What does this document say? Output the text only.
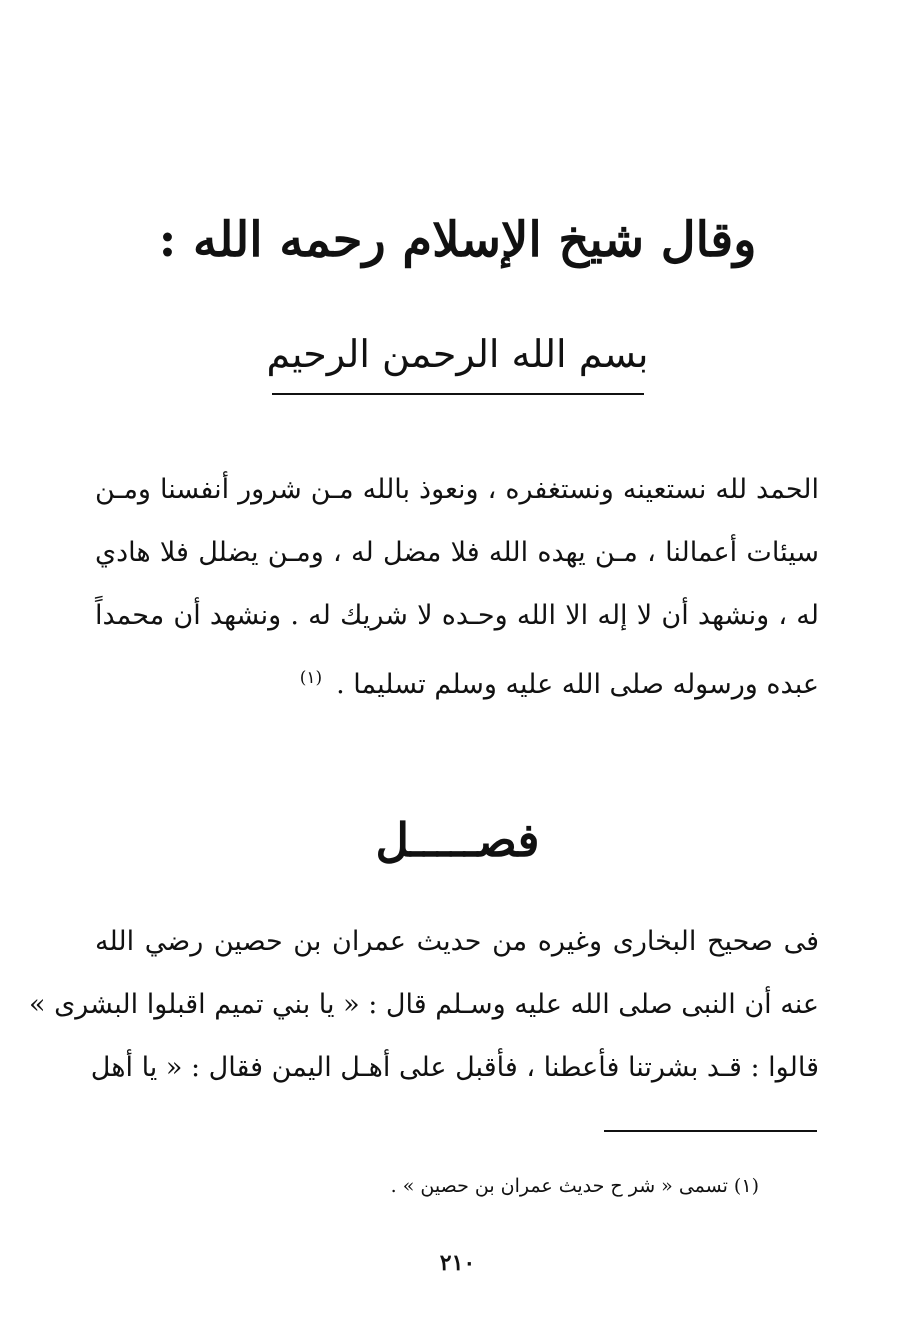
وقال شيخ الإسلام رحمه الله :
بسم الله الرحمن الرحيم
الحمد لله نستعينه ونستغفره ، ونعوذ بالله مـن شرور أنفسنا ومـن
سيئات أعمالنا ، مـن يهده الله فلا مضل له ، ومـن يضلل فلا هادي
له ، ونشهد أن لا إله الا الله وحـده لا شريك له . ونشهد أن محمداً
عبده ورسوله صلى الله عليه وسلم تسليما .$^{(١)}$
فصـــــل
فى صحيح البخارى وغيره من حديث عمران بن حصين رضي الله
عنه أن النبى صلى الله عليه وسـلم قال : « يا بني تميم اقبلوا البشرى »
قالوا : قـد بشرتنا فأعطنا ، فأقبل على أهـل اليمن فقال : « يا أهل
(١) تسمى « شر ح حديث عمران بن حصين » .
٢١٠
